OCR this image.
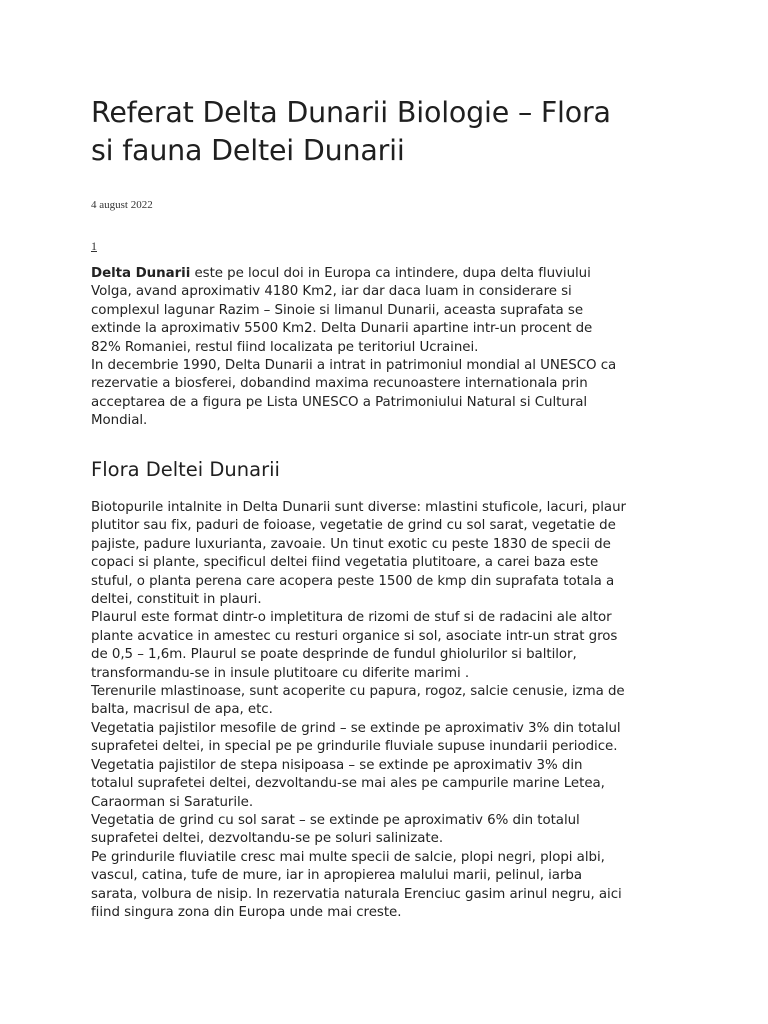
Referat Delta Dunarii Biologie – Flora
si fauna Deltei Dunarii
4 august 2022
1
Delta Dunarii este pe locul doi in Europa ca intindere, dupa delta fluviului
Volga, avand aproximativ 4180 Km2, iar dar daca luam in considerare si
complexul lagunar Razim – Sinoie si limanul Dunarii, aceasta suprafata se
extinde la aproximativ 5500 Km2. Delta Dunarii apartine intr-un procent de
82% Romaniei, restul fiind localizata pe teritoriul Ucrainei.
In decembrie 1990, Delta Dunarii a intrat in patrimoniul mondial al UNESCO ca
rezervatie a biosferei, dobandind maxima recunoastere internationala prin
acceptarea de a figura pe Lista UNESCO a Patrimoniului Natural si Cultural
Mondial.
Flora Deltei Dunarii
Biotopurile intalnite in Delta Dunarii sunt diverse: mlastini stuficole, lacuri, plaur
plutitor sau fix, paduri de foioase, vegetatie de grind cu sol sarat, vegetatie de
pajiste, padure luxurianta, zavoaie. Un tinut exotic cu peste 1830 de specii de
copaci si plante, specificul deltei fiind vegetatia plutitoare, a carei baza este
stuful, o planta perena care acopera peste 1500 de kmp din suprafata totala a
deltei, constituit in plauri.
Plaurul este format dintr-o impletitura de rizomi de stuf si de radacini ale altor
plante acvatice in amestec cu resturi organice si sol, asociate intr-un strat gros
de 0,5 – 1,6m. Plaurul se poate desprinde de fundul ghiolurilor si baltilor,
transformandu-se in insule plutitoare cu diferite marimi .
Terenurile mlastinoase, sunt acoperite cu papura, rogoz, salcie cenusie, izma de
balta, macrisul de apa, etc.
Vegetatia pajistilor mesofile de grind – se extinde pe aproximativ 3% din totalul
suprafetei deltei, in special pe pe grindurile fluviale supuse inundarii periodice.
Vegetatia pajistilor de stepa nisipoasa – se extinde pe aproximativ 3% din
totalul suprafetei deltei, dezvoltandu-se mai ales pe campurile marine Letea,
Caraorman si Saraturile.
Vegetatia de grind cu sol sarat – se extinde pe aproximativ 6% din totalul
suprafetei deltei, dezvoltandu-se pe soluri salinizate.
Pe grindurile fluviatile cresc mai multe specii de salcie, plopi negri, plopi albi,
vascul, catina, tufe de mure, iar in apropierea malului marii, pelinul, iarba
sarata, volbura de nisip. In rezervatia naturala Erenciuc gasim arinul negru, aici
fiind singura zona din Europa unde mai creste.
